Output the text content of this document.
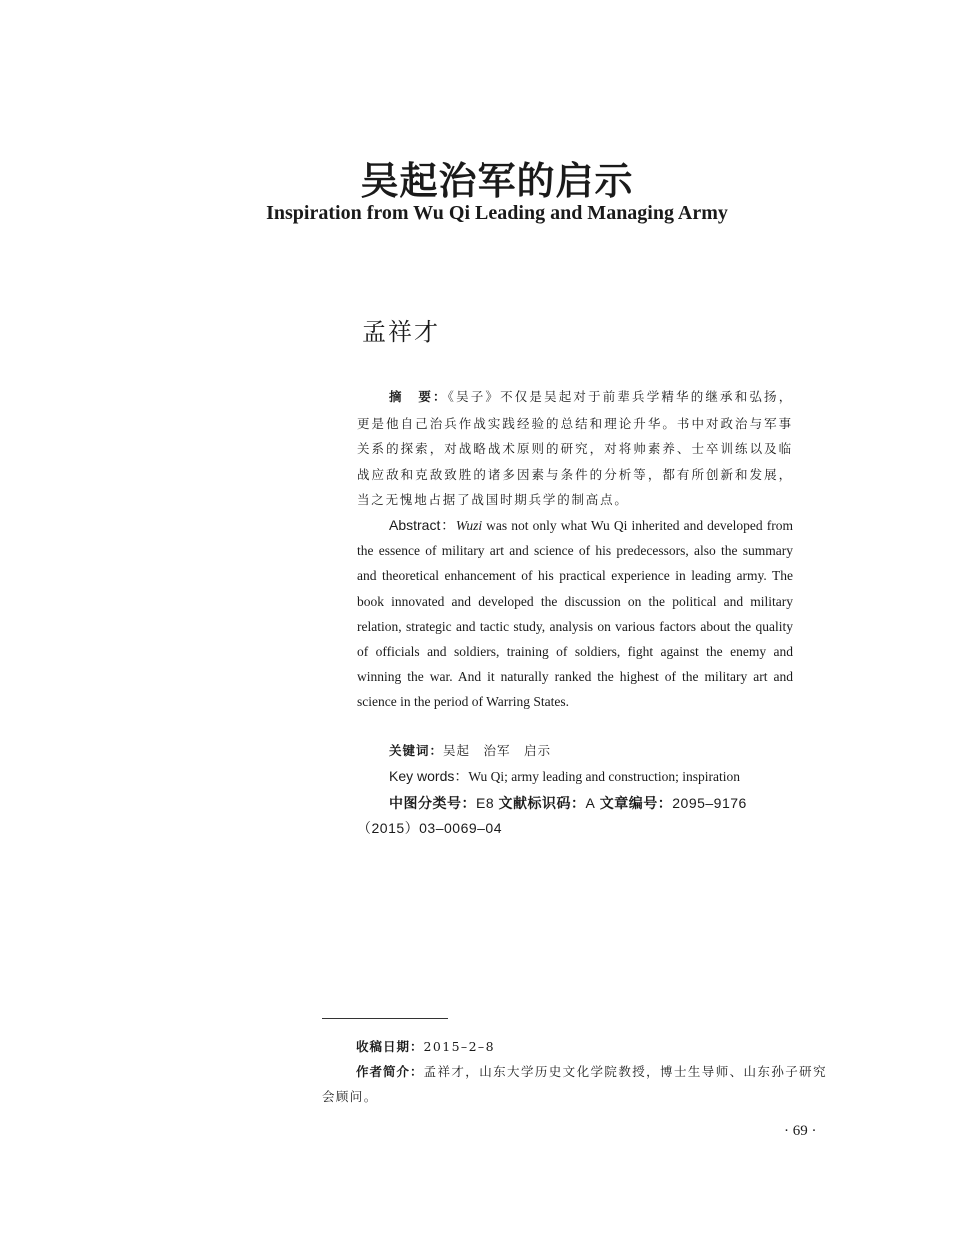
吴起治军的启示
Inspiration from Wu Qi Leading and Managing Army
孟祥才
摘　要：《吴子》不仅是吴起对于前辈兵学精华的继承和弘扬，更是他自己治兵作战实践经验的总结和理论升华。书中对政治与军事关系的探索，对战略战术原则的研究，对将帅素养、士卒训练以及临战应敌和克敌致胜的诸多因素与条件的分析等，都有所创新和发展，当之无愧地占据了战国时期兵学的制高点。
Abstract：Wuzi was not only what Wu Qi inherited and developed from the essence of military art and science of his predecessors, also the summary and theoretical enhancement of his practical experience in leading army. The book innovated and developed the discussion on the political and military relation, strategic and tactic study, analysis on various factors about the quality of officials and soldiers, training of soldiers, fight against the enemy and winning the war. And it naturally ranked the highest of the military art and science in the period of Warring States.
关键词：吴起　治军　启示
Key words：Wu Qi; army leading and construction; inspiration
中图分类号：E8 文献标识码：A 文章编号：2095–9176（2015）03–0069–04

收稿日期：2015–2–8

作者简介：孟祥才，山东大学历史文化学院教授，博士生导师、山东孙子研究会顾问。

· 69 ·
